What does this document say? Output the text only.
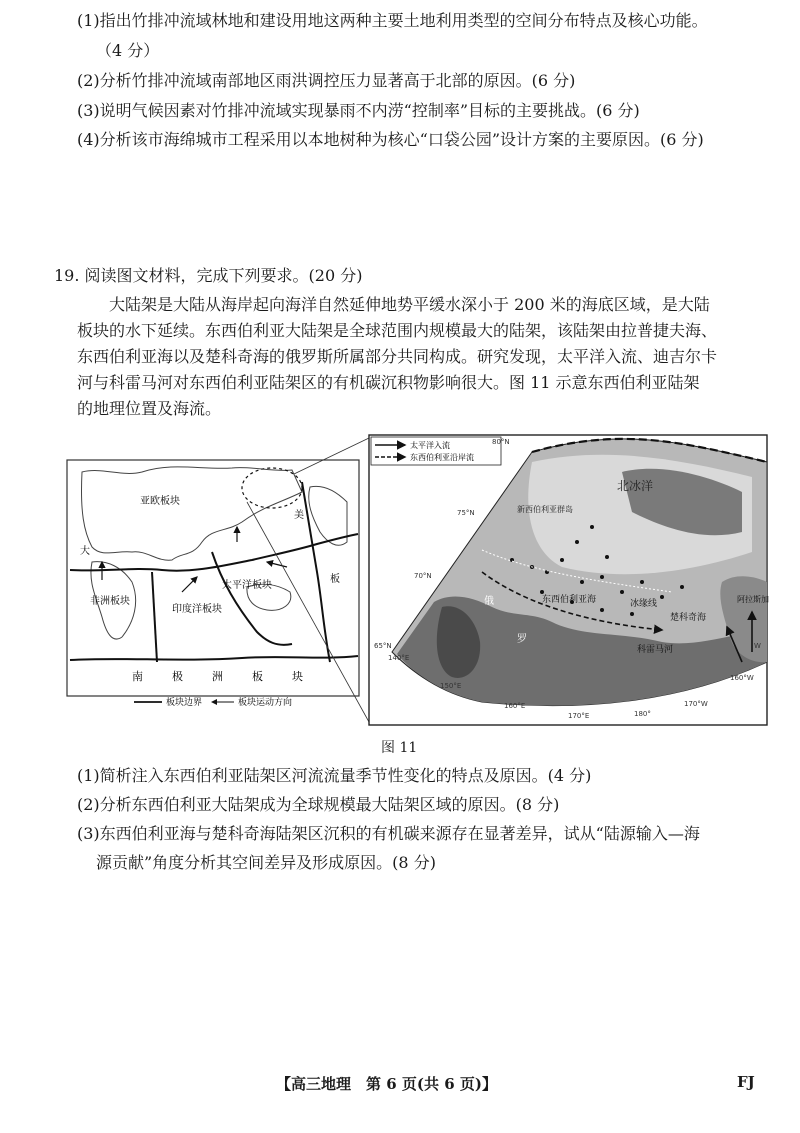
(1)指出竹排冲流域林地和建设用地这两种主要土地利用类型的空间分布特点及核心功能。
（4 分）
(2)分析竹排冲流域南部地区雨洪调控压力显著高于北部的原因。(6 分)
(3)说明气候因素对竹排冲流域实现暴雨不内涝“控制率”目标的主要挑战。(6 分)
(4)分析该市海绵城市工程采用以本地树种为核心“口袋公园”设计方案的主要原因。(6 分)
19. 阅读图文材料，完成下列要求。(20 分)
大陆架是大陆从海岸起向海洋自然延伸地势平缓水深小于 200 米的海底区域，是大陆
板块的水下延续。东西伯利亚大陆架是全球范围内规模最大的陆架，该陆架由拉普捷夫海、
东西伯利亚海以及楚科奇海的俄罗斯所属部分共同构成。研究发现，太平洋入流、迪吉尔卡
河与科雷马河对东西伯利亚陆架区的有机碳沉积物影响很大。图 11 示意东西伯利亚陆架
的地理位置及海流。
亚欧板块
大
非洲板块
印度洋板块
太平洋板块
美
板
南	极	洲	板	块
板块边界	板块运动方向
太平洋入流
东西伯利亚沿岸流
北冰洋
新西伯利亚群岛
东西伯利亚海	冰缘线
楚科奇海
阿拉斯加
俄
罗
科雷马河
80°N
75°N
70°N
65°N
140°E
150°E
160°E
170°E	180°
170°W
160°W
W
图 11
(1)简析注入东西伯利亚陆架区河流流量季节性变化的特点及原因。(4 分)
(2)分析东西伯利亚大陆架成为全球规模最大陆架区域的原因。(8 分)
(3)东西伯利亚海与楚科奇海陆架区沉积的有机碳来源存在显著差异，试从“陆源输入—海
源贡献”角度分析其空间差异及形成原因。(8 分)
【高三地理　第 6 页(共 6 页)】	FJ
